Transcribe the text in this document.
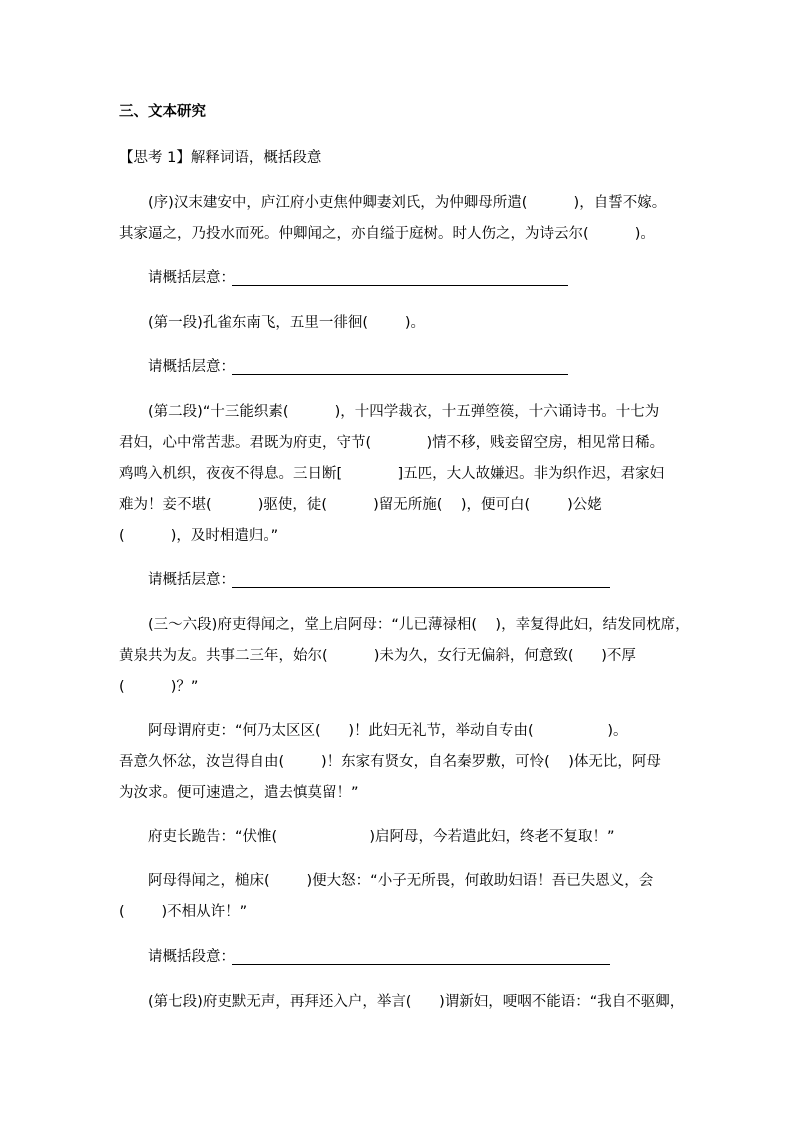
三、文本研究
【思考 1】解释词语，概括段意
(序)汉末建安中，庐江府小吏焦仲卿妻刘氏，为仲卿母所遣(          )，自誓不嫁。
其家逼之，乃投水而死。仲卿闻之，亦自缢于庭树。时人伤之，为诗云尔(          )。
请概括层意：
(第一段)孔雀东南飞，五里一徘徊(        )。
请概括层意：
(第二段)“十三能织素(          )，十四学裁衣，十五弹箜篌，十六诵诗书。十七为
君妇，心中常苦悲。君既为府吏，守节(            )情不移，贱妾留空房，相见常日稀。
鸡鸣入机织，夜夜不得息。三日断[            ]五匹，大人故嫌迟。非为织作迟，君家妇
难为！妾不堪(          )驱使，徒(          )留无所施(    )，便可白(        )公姥
(          )，及时相遣归。”
请概括层意：
(三～六段)府吏得闻之，堂上启阿母：“儿已薄禄相(    )，幸复得此妇，结发同枕席，
黄泉共为友。共事二三年，始尔(          )未为久，女行无偏斜，何意致(      )不厚
(          )？”
阿母谓府吏：“何乃太区区(      )！此妇无礼节，举动自专由(                )。
吾意久怀忿，汝岂得自由(        )！东家有贤女，自名秦罗敷，可怜(    )体无比，阿母
为汝求。便可速遣之，遣去慎莫留！”
府吏长跪告：“伏惟(                    )启阿母，今若遣此妇，终老不复取！”
阿母得闻之，槌床(        )便大怒：“小子无所畏，何敢助妇语！吾已失恩义，会
(        )不相从许！”
请概括段意：
(第七段)府吏默无声，再拜还入户，举言(      )谓新妇，哽咽不能语：“我自不驱卿，
